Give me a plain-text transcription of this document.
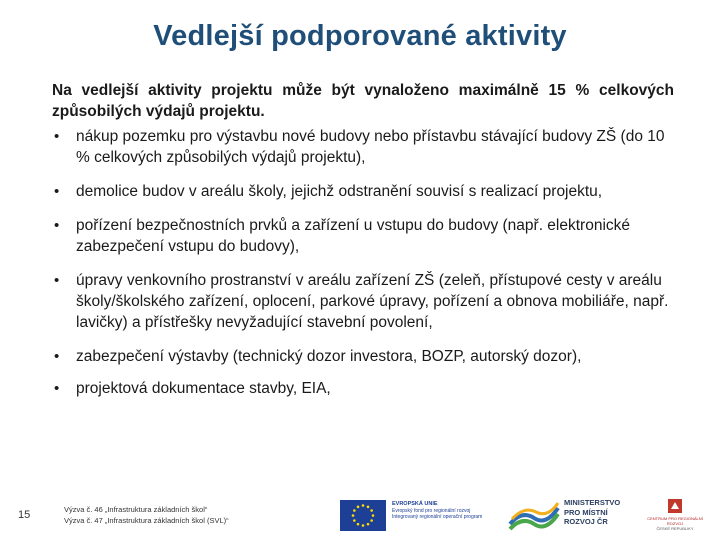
Vedlejší podporované aktivity

Na vedlejší aktivity projektu může být vynaloženo maximálně 15 % celkových způsobilých výdajů projektu.

• nákup pozemku pro výstavbu nové budovy nebo přístavbu stávající budovy ZŠ (do 10 % celkových způsobilých výdajů projektu),
• demolice budov v areálu školy, jejichž odstranění souvisí s realizací projektu,
• pořízení bezpečnostních prvků a zařízení u vstupu do budovy (např. elektronické zabezpečení vstupu do budovy),
• úpravy venkovního prostranství v areálu zařízení ZŠ (zeleň, přístupové cesty v areálu školy/školského zařízení, oplocení, parkové úpravy, pořízení a obnova mobiliáře, např. lavičky) a přístřešky nevyžadující stavební povolení,
• zabezpečení výstavby (technický dozor investora, BOZP, autorský dozor),
• projektová dokumentace stavby, EIA,
15	Výzva č. 46 „Infrastruktura základních škol“
Výzva č. 47 „Infrastruktura základních škol (SVL)“
EVROPSKÁ UNIE
Evropský fond pro regionální rozvoj
Integrovaný regionální operační program
MINISTERSTVO
PRO MÍSTNÍ
ROZVOJ ČR	CENTRUM PRO REGIONÁLNÍ ROZVOJ
ČESKÉ REPUBLIKY
